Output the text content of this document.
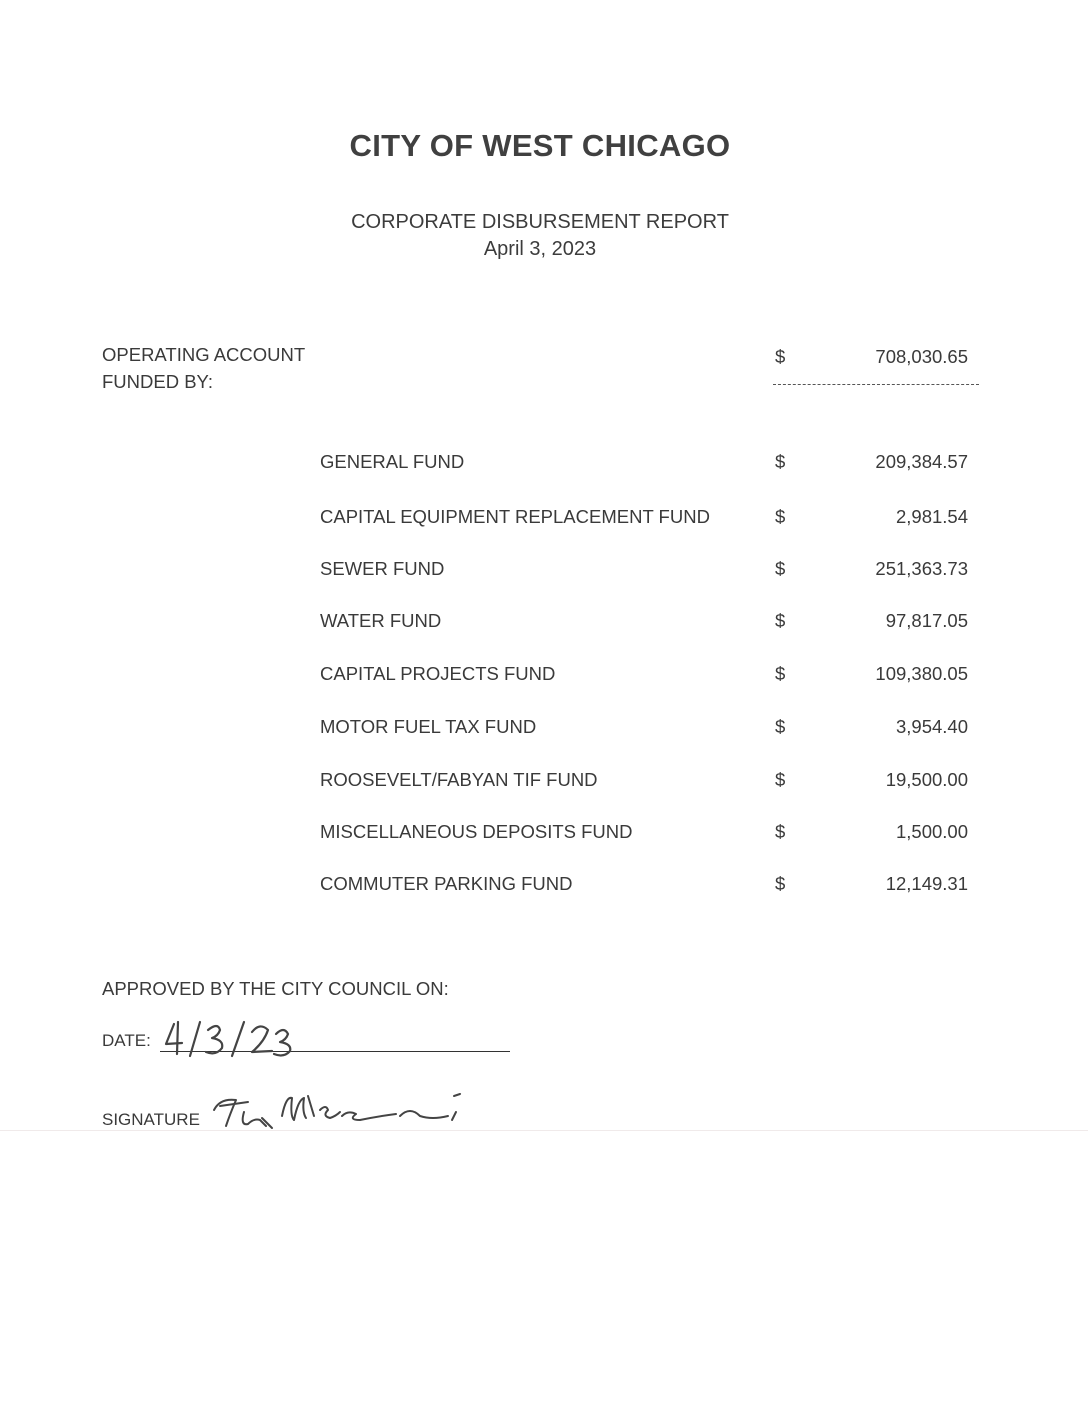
CITY OF WEST CHICAGO
CORPORATE DISBURSEMENT REPORT
April 3, 2023
OPERATING ACCOUNT
FUNDED BY:
$	708,030.65
GENERAL FUND	$	209,384.57
CAPITAL EQUIPMENT REPLACEMENT FUND	$	2,981.54
SEWER FUND	$	251,363.73
WATER FUND	$	97,817.05
CAPITAL PROJECTS FUND	$	109,380.05
MOTOR FUEL TAX FUND	$	3,954.40
ROOSEVELT/FABYAN TIF FUND	$	19,500.00
MISCELLANEOUS DEPOSITS FUND	$	1,500.00
COMMUTER PARKING FUND	$	12,149.31
APPROVED BY THE CITY COUNCIL ON:
DATE:
SIGNATURE
